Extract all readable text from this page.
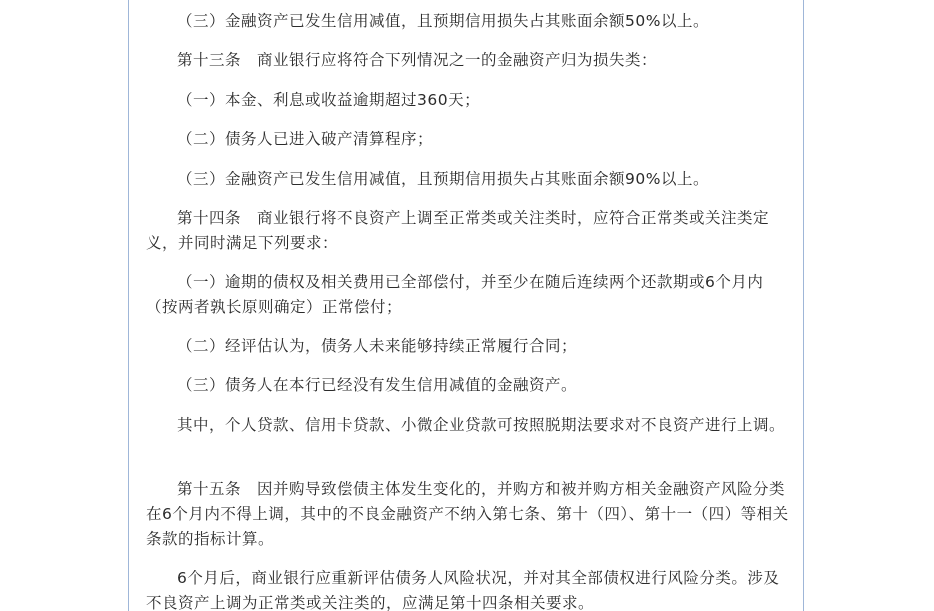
（三）金融资产已发生信用减值，且预期信用损失占其账面余额50%以上。

第十三条　商业银行应将符合下列情况之一的金融资产归为损失类：

（一）本金、利息或收益逾期超过360天；

（二）债务人已进入破产清算程序；

（三）金融资产已发生信用减值，且预期信用损失占其账面余额90%以上。

第十四条　商业银行将不良资产上调至正常类或关注类时，应符合正常类或关注类定义，并同时满足下列要求：

（一）逾期的债权及相关费用已全部偿付，并至少在随后连续两个还款期或6个月内（按两者孰长原则确定）正常偿付；

（二）经评估认为，债务人未来能够持续正常履行合同；

（三）债务人在本行已经没有发生信用减值的金融资产。

其中，个人贷款、信用卡贷款、小微企业贷款可按照脱期法要求对不良资产进行上调。

第十五条　因并购导致偿债主体发生变化的，并购方和被并购方相关金融资产风险分类在6个月内不得上调，其中的不良金融资产不纳入第七条、第十（四）、第十一（四）等相关条款的指标计算。

6个月后，商业银行应重新评估债务人风险状况，并对其全部债权进行风险分类。涉及不良资产上调为正常类或关注类的，应满足第十四条相关要求。
